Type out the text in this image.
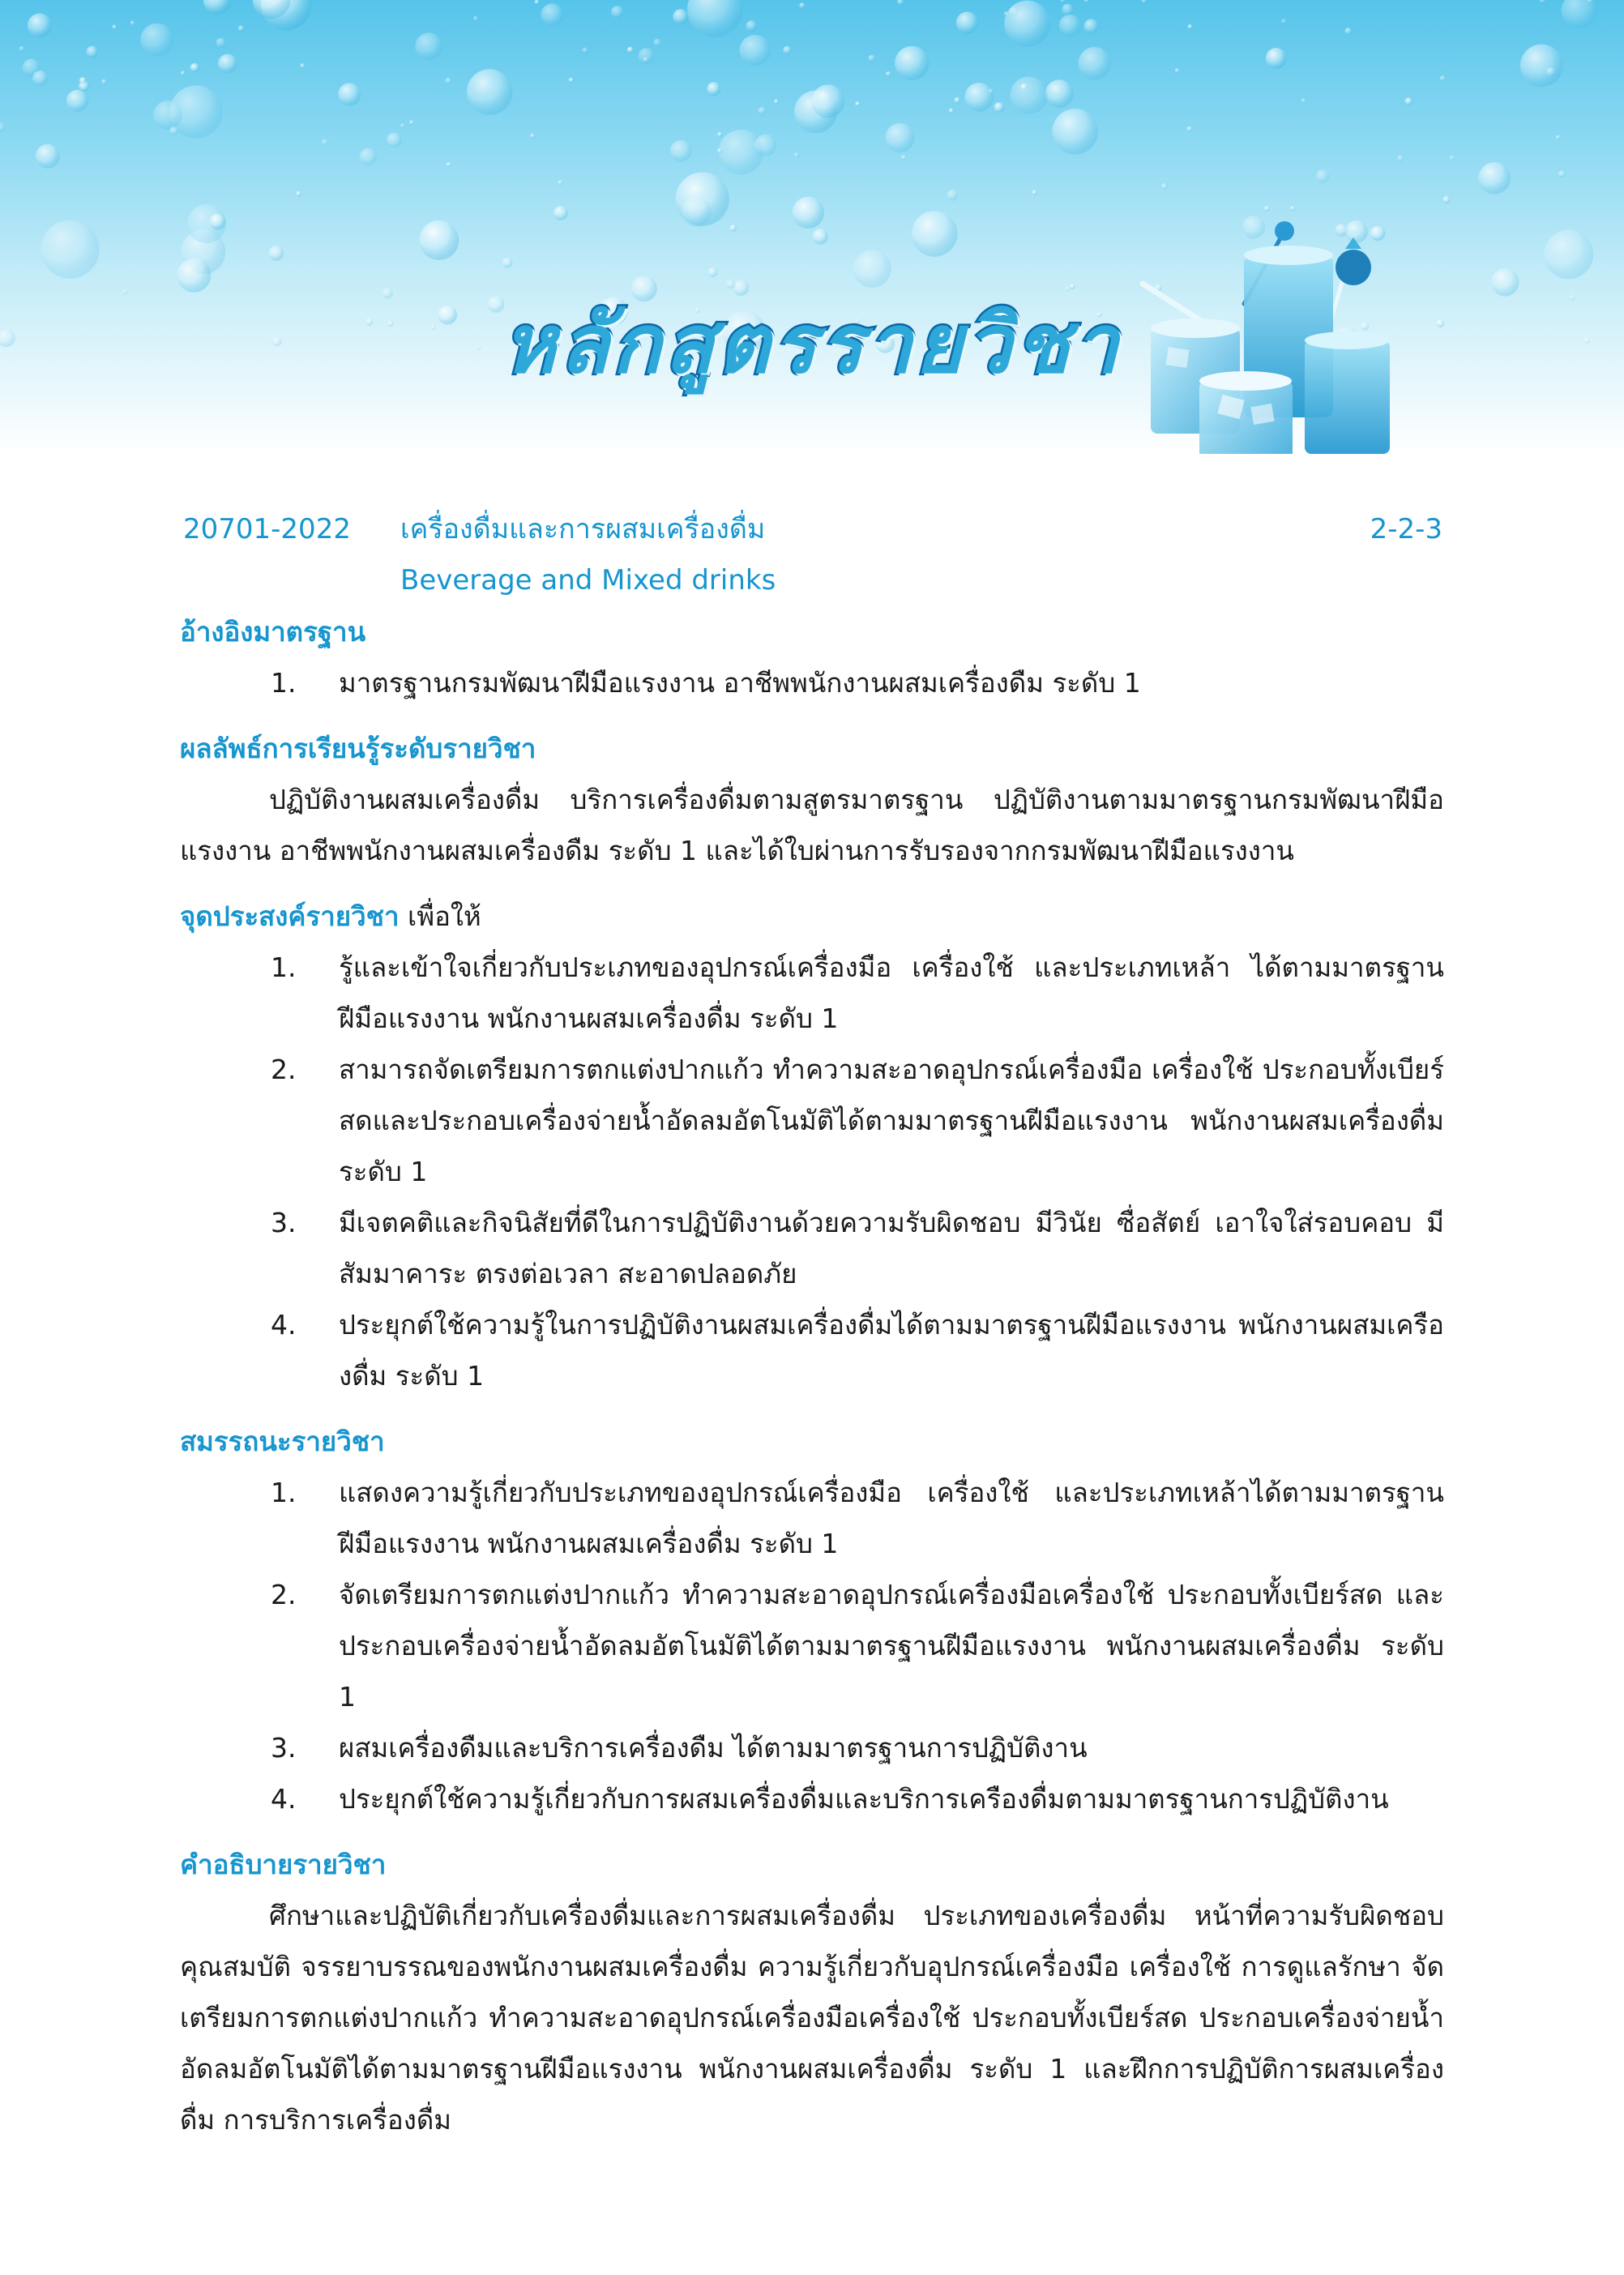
หลักสูตรรายวิชา
20701-2022 เครื่องดื่มและการผสมเครื่องดื่ม	2-2-3
Beverage and Mixed drinks
อ้างอิงมาตรฐาน
1. มาตรฐานกรมพัฒนาฝีมือแรงงาน อาชีพพนักงานผสมเครื่องดืม ระดับ 1
ผลลัพธ์การเรียนรู้ระดับรายวิชา
ปฏิบัติงานผสมเครื่องดื่ม บริการเครื่องดื่มตามสูตรมาตรฐาน ปฏิบัติงานตามมาตรฐานกรมพัฒนาฝีมือแรงงาน อาชีพพนักงานผสมเครื่องดืม ระดับ 1 และได้ใบผ่านการรับรองจากกรมพัฒนาฝีมือแรงงาน
จุดประสงค์รายวิชา เพื่อให้
1. รู้และเข้าใจเกี่ยวกับประเภทของอุปกรณ์เครื่องมือ เครื่องใช้ และประเภทเหล้า ได้ตามมาตรฐานฝีมือแรงงาน พนักงานผสมเครื่องดื่ม ระดับ 1
2. สามารถจัดเตรียมการตกแต่งปากแก้ว ทำความสะอาดอุปกรณ์เครื่องมือ เครื่องใช้ ประกอบทั้งเบียร์สดและประกอบเครื่องจ่ายน้ำอัดลมอัตโนมัติได้ตามมาตรฐานฝีมือแรงงาน พนักงานผสมเครื่องดื่ม ระดับ 1
3. มีเจตคติและกิจนิสัยที่ดีในการปฏิบัติงานด้วยความรับผิดชอบ มีวินัย ซื่อสัตย์ เอาใจใส่รอบคอบ มีสัมมาคาระ ตรงต่อเวลา สะอาดปลอดภัย
4. ประยุกต์ใช้ความรู้ในการปฏิบัติงานผสมเครื่องดื่มได้ตามมาตรฐานฝีมือแรงงาน พนักงานผสมเครืองดื่ม ระดับ 1
สมรรถนะรายวิชา
1. แสดงความรู้เกี่ยวกับประเภทของอุปกรณ์เครื่องมือ เครื่องใช้ และประเภทเหล้าได้ตามมาตรฐานฝีมือแรงงาน พนักงานผสมเครื่องดื่ม ระดับ 1
2. จัดเตรียมการตกแต่งปากแก้ว ทำความสะอาดอุปกรณ์เครื่องมือเครื่องใช้ ประกอบทั้งเบียร์สด และประกอบเครื่องจ่ายน้ำอัดลมอัตโนมัติได้ตามมาตรฐานฝีมือแรงงาน พนักงานผสมเครื่องดื่ม ระดับ 1
3. ผสมเครื่องดืมและบริการเครื่องดืม ได้ตามมาตรฐานการปฏิบัติงาน
4. ประยุกต์ใช้ความรู้เกี่ยวกับการผสมเครื่องดื่มและบริการเครืองดื่มตามมาตรฐานการปฏิบัติงาน
คำอธิบายรายวิชา
ศึกษาและปฏิบัติเกี่ยวกับเครื่องดื่มและการผสมเครื่องดื่ม ประเภทของเครื่องดื่ม หน้าที่ความรับผิดชอบ คุณสมบัติ จรรยาบรรณของพนักงานผสมเครื่องดื่ม ความรู้เกี่ยวกับอุปกรณ์เครื่องมือ เครื่องใช้ การดูแลรักษา จัดเตรียมการตกแต่งปากแก้ว ทำความสะอาดอุปกรณ์เครื่องมือเครื่องใช้ ประกอบทั้งเบียร์สด ประกอบเครื่องจ่ายน้ำอัดลมอัตโนมัติได้ตามมาตรฐานฝีมือแรงงาน พนักงานผสมเครื่องดื่ม ระดับ 1 และฝึกการปฏิบัติการผสมเครื่องดื่ม การบริการเครื่องดื่ม
